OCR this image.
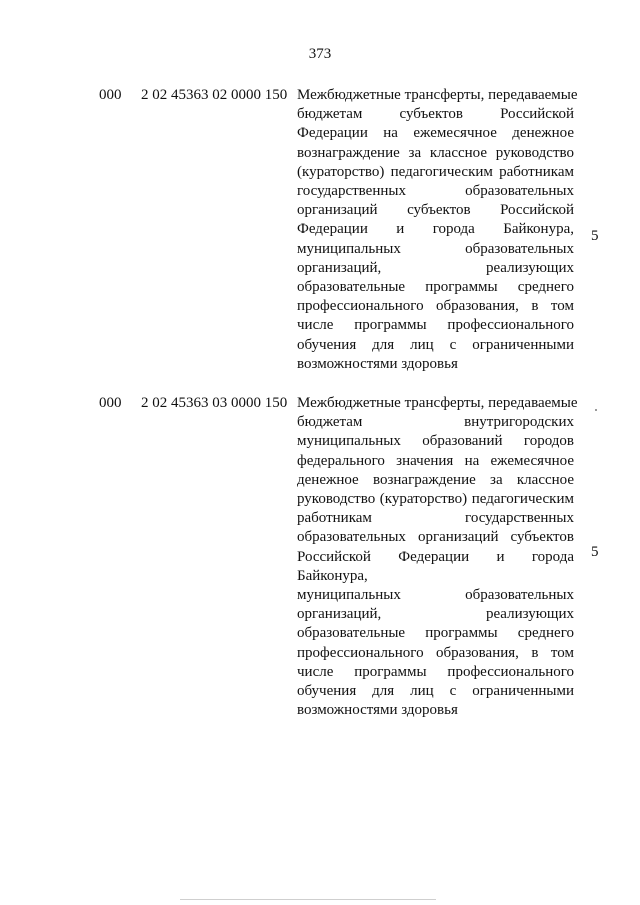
373
000 2 02 45363 02 0000 150 Межбюджетные трансферты, передаваемые
бюджетам субъектов Российской
Федерации на ежемесячное денежное
вознаграждение за классное руководство
(кураторство) педагогическим работникам
государственных образовательных
организаций субъектов Российской
Федерации и города Байконура,
муниципальных образовательных
организаций, реализующих
образовательные программы среднего
профессионального образования, в том
числе программы профессионального
обучения для лиц с ограниченными
возможностями здоровья
5
000 2 02 45363 03 0000 150 Межбюджетные трансферты, передаваемые
бюджетам внутригородских
муниципальных образований городов
федерального значения на ежемесячное
денежное вознаграждение за классное
руководство (кураторство) педагогическим
работникам государственных
образовательных организаций субъектов
Российской Федерации и города Байконура,
муниципальных образовательных
организаций, реализующих
образовательные программы среднего
профессионального образования, в том
числе программы профессионального
обучения для лиц с ограниченными
возможностями здоровья
5
